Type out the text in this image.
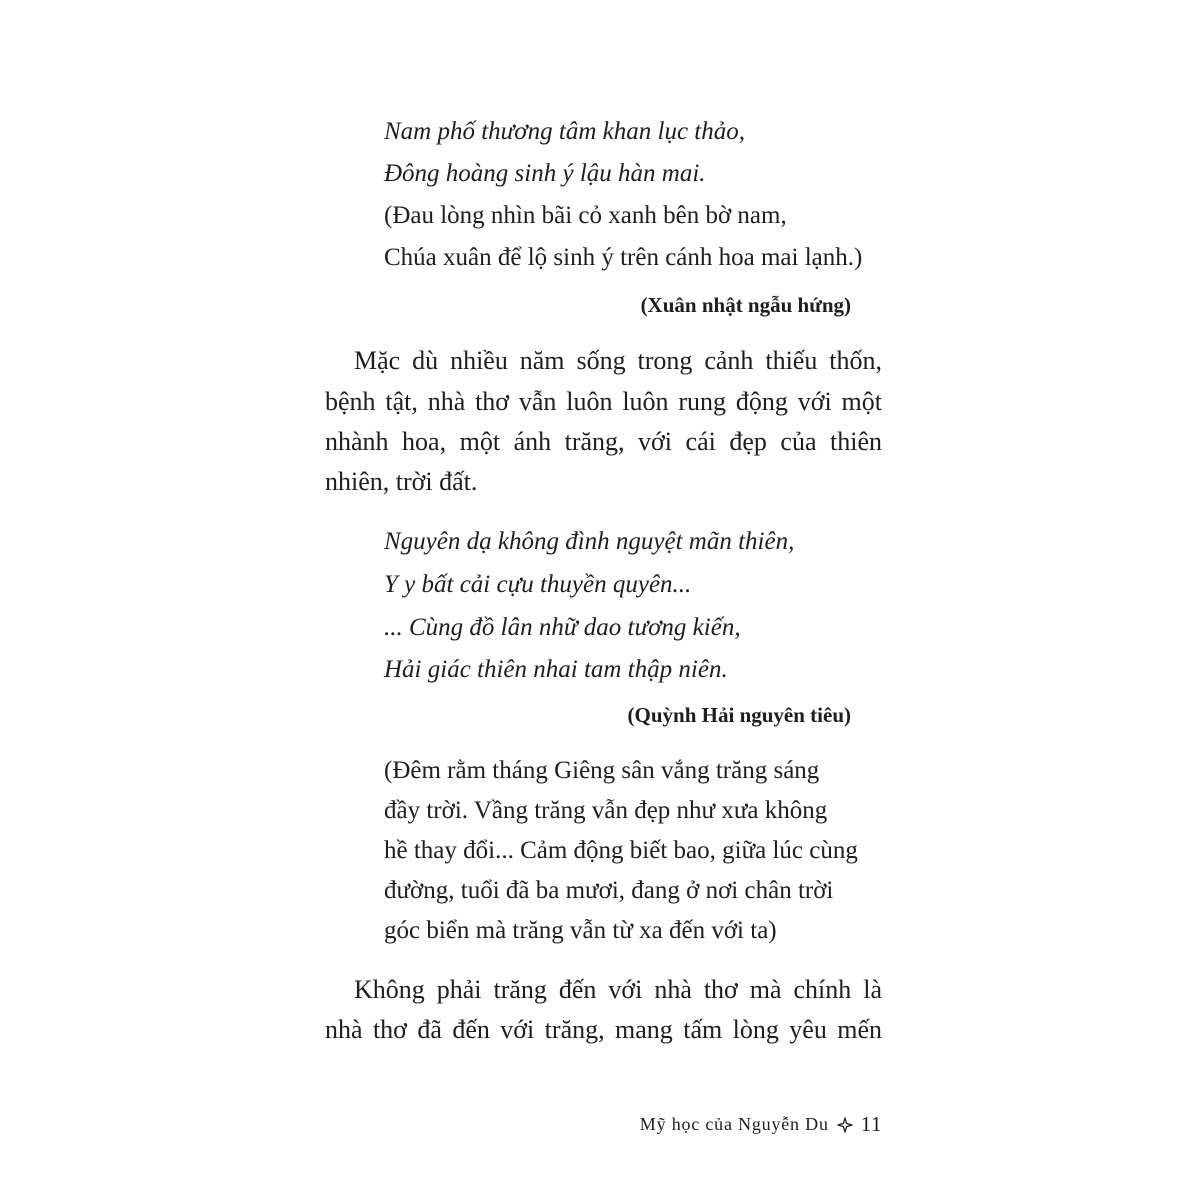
Nam phố thương tâm khan lục thảo,
Đông hoàng sinh ý lậu hàn mai.
(Đau lòng nhìn bãi cỏ xanh bên bờ nam,
Chúa xuân để lộ sinh ý trên cánh hoa mai lạnh.)
(Xuân nhật ngẫu hứng)
Mặc dù nhiều năm sống trong cảnh thiếu thốn,
bệnh tật, nhà thơ vẫn luôn luôn rung động với một
nhành hoa, một ánh trăng, với cái đẹp của thiên
nhiên, trời đất.
Nguyên dạ không đình nguyệt mãn thiên,
Y y bất cải cựu thuyền quyên...
... Cùng đồ lân nhữ dao tương kiến,
Hải giác thiên nhai tam thập niên.
(Quỳnh Hải nguyên tiêu)
(Đêm rằm tháng Giêng sân vắng trăng sáng
đầy trời. Vầng trăng vẫn đẹp như xưa không
hề thay đổi... Cảm động biết bao, giữa lúc cùng
đường, tuổi đã ba mươi, đang ở nơi chân trời
góc biển mà trăng vẫn từ xa đến với ta)
Không phải trăng đến với nhà thơ mà chính là
nhà thơ đã đến với trăng, mang tấm lòng yêu mến
Mỹ học của Nguyễn Du 11
